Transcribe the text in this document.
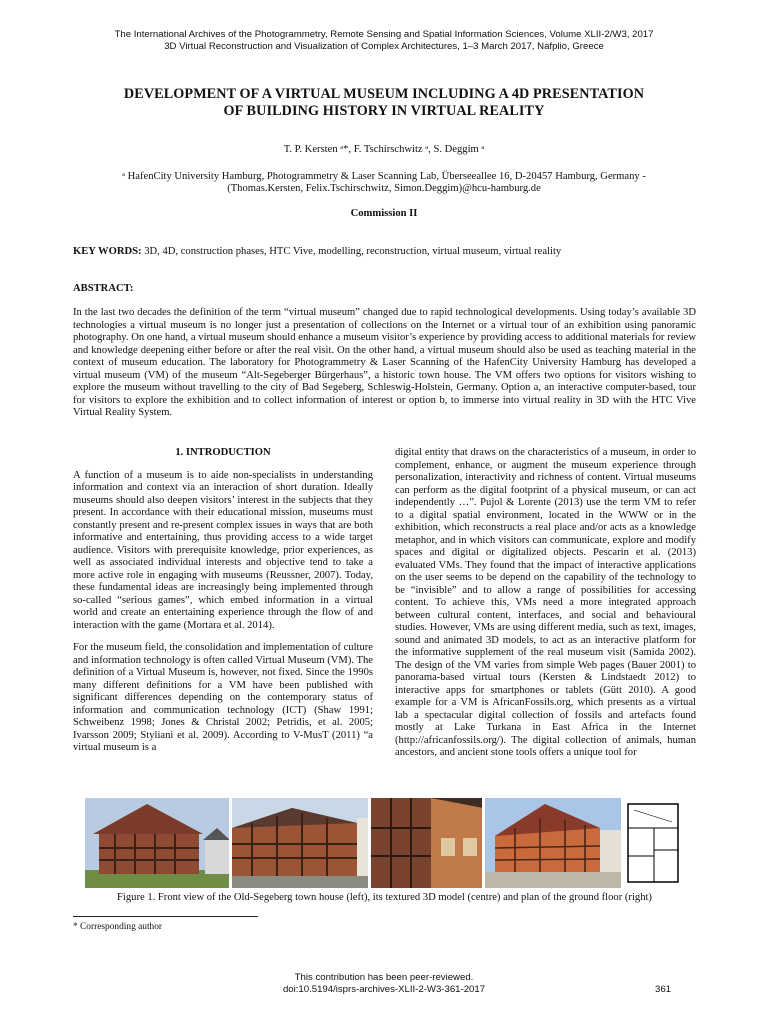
The International Archives of the Photogrammetry, Remote Sensing and Spatial Information Sciences, Volume XLII-2/W3, 2017
3D Virtual Reconstruction and Visualization of Complex Architectures, 1–3 March 2017, Nafplio, Greece
DEVELOPMENT OF A VIRTUAL MUSEUM INCLUDING A 4D PRESENTATION
OF BUILDING HISTORY IN VIRTUAL REALITY
T. P. Kersten ᵃ*, F. Tschirschwitz ᵃ, S. Deggim ᵃ
ᵃ HafenCity University Hamburg, Photogrammetry & Laser Scanning Lab, Überseeallee 16, D-20457 Hamburg, Germany -
(Thomas.Kersten, Felix.Tschirschwitz, Simon.Deggim)@hcu-hamburg.de
Commission II
KEY WORDS: 3D, 4D, construction phases, HTC Vive, modelling, reconstruction, virtual museum, virtual reality
ABSTRACT:
In the last two decades the definition of the term “virtual museum” changed due to rapid technological developments. Using today’s available 3D technologies a virtual museum is no longer just a presentation of collections on the Internet or a virtual tour of an exhibition using panoramic photography. On one hand, a virtual museum should enhance a museum visitor’s experience by providing access to additional materials for review and knowledge deepening either before or after the real visit. On the other hand, a virtual museum should also be used as teaching material in the context of museum education. The laboratory for Photogrammetry & Laser Scanning of the HafenCity University Hamburg has developed a virtual museum (VM) of the museum “Alt-Segeberger Bürgerhaus”, a historic town house. The VM offers two options for visitors wishing to explore the museum without travelling to the city of Bad Segeberg, Schleswig-Holstein, Germany. Option a, an interactive computer-based, tour for visitors to explore the exhibition and to collect information of interest or option b, to immerse into virtual reality in 3D with the HTC Vive Virtual Reality System.

1. INTRODUCTION

A function of a museum is to aide non-specialists in understanding information and context via an interaction of short duration. Ideally museums should also deepen visitors’ interest in the subjects that they present. In accordance with their educational mission, museums must constantly present and re-present complex issues in ways that are both informative and entertaining, thus providing access to a wide target audience. Visitors with prerequisite knowledge, prior experiences, as well as associated individual interests and objective tend to take a more active role in engaging with museums (Reussner, 2007). Today, these fundamental ideas are increasingly being implemented through so-called “serious games”, which embed information in a virtual world and create an entertaining experience through the flow of and interaction with the game (Mortara et al. 2014).

For the museum field, the consolidation and implementation of culture and information technology is often called Virtual Museum (VM). The definition of a Virtual Museum is, however, not fixed. Since the 1990s many different definitions for a VM have been published with significant differences depending on the contemporary status of information and communication technology (ICT) (Shaw 1991; Schweibenz 1998; Jones & Christal 2002; Petridis, et al. 2005; Ivarsson 2009; Styliani et al. 2009). According to V-MusT (2011) “a virtual museum is a

digital entity that draws on the characteristics of a museum, in order to complement, enhance, or augment the museum experience through personalization, interactivity and richness of content. Virtual museums can perform as the digital footprint of a physical museum, or can act independently …”. Pujol & Lorente (2013) use the term VM to refer to a digital spatial environment, located in the WWW or in the exhibition, which reconstructs a real place and/or acts as a knowledge metaphor, and in which visitors can communicate, explore and modify spaces and digital or digitalized objects. Pescarin et al. (2013) evaluated VMs. They found that the impact of interactive applications on the user seems to be depend on the capability of the technology to be “invisible” and to allow a range of possibilities for accessing content. To achieve this, VMs need a more integrated approach between cultural content, interfaces, and social and behavioural studies. However, VMs are using different media, such as text, images, sound and animated 3D models, to act as an interactive platform for the informative supplement of the real museum visit (Samida 2002). The design of the VM varies from simple Web pages (Bauer 2001) to panorama-based virtual tours (Kersten & Lindstaedt 2012) to interactive apps for smartphones or tablets (Gütt 2010). A good example for a VM is AfricanFossils.org, which presents as a virtual lab a spectacular digital collection of fossils and artefacts found mostly at Lake Turkana in East Africa in the Internet (http://africanfossils.org/). The digital collection of animals, human ancestors, and ancient stone tools offers a unique tool for

Figure 1. Front view of the Old-Segeberg town house (left), its textured 3D model (centre) and plan of the ground floor (right)
* Corresponding author
This contribution has been peer-reviewed.
doi:10.5194/isprs-archives-XLII-2-W3-361-2017	361
